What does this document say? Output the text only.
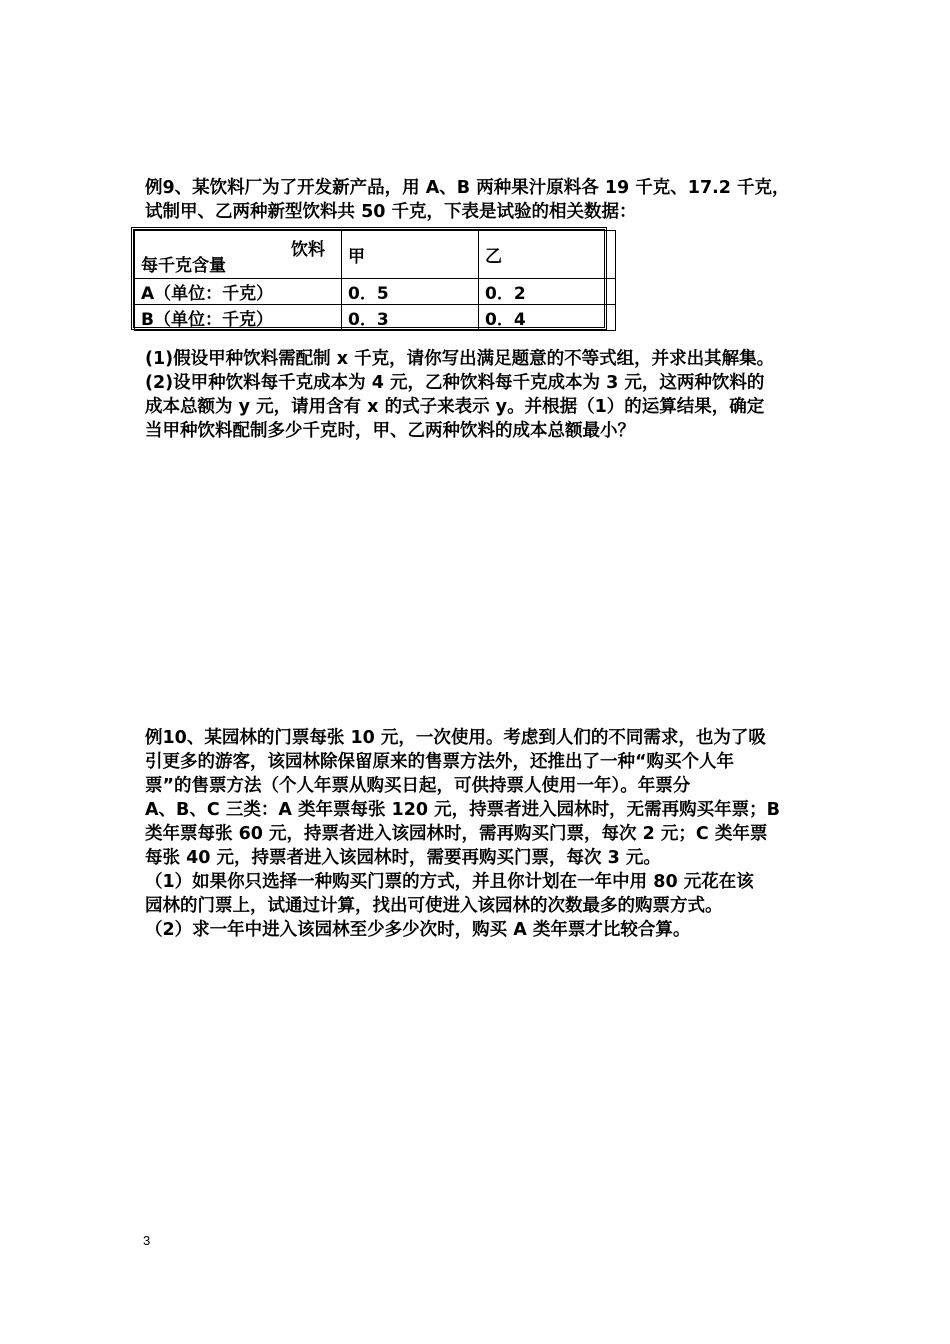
例9、某饮料厂为了开发新产品，用 A、B 两种果汁原料各 19 千克、17.2 千克，
试制甲、乙两种新型饮料共 50 千克，下表是试验的相关数据：
饮料
每千克含量	甲	乙
A（单位：千克）	0．5	0．2
B（单位：千克）	0．3	0．4
(1)假设甲种饮料需配制 x 千克，请你写出满足题意的不等式组，并求出其解集。
(2)设甲种饮料每千克成本为 4 元，乙种饮料每千克成本为 3 元，这两种饮料的
成本总额为 y 元，请用含有 x 的式子来表示 y。并根据（1）的运算结果，确定
当甲种饮料配制多少千克时，甲、乙两种饮料的成本总额最小？
例10、某园林的门票每张 10 元，一次使用。考虑到人们的不同需求，也为了吸
引更多的游客，该园林除保留原来的售票方法外，还推出了一种“购买个人年
票”的售票方法（个人年票从购买日起，可供持票人使用一年）。年票分
A、B、C 三类：A 类年票每张 120 元，持票者进入园林时，无需再购买年票；B
类年票每张 60 元，持票者进入该园林时，需再购买门票，每次 2 元；C 类年票
每张 40 元，持票者进入该园林时，需要再购买门票，每次 3 元。
（1）如果你只选择一种购买门票的方式，并且你计划在一年中用 80 元花在该
园林的门票上，试通过计算，找出可使进入该园林的次数最多的购票方式。
（2）求一年中进入该园林至少多少次时，购买 A 类年票才比较合算。
3
